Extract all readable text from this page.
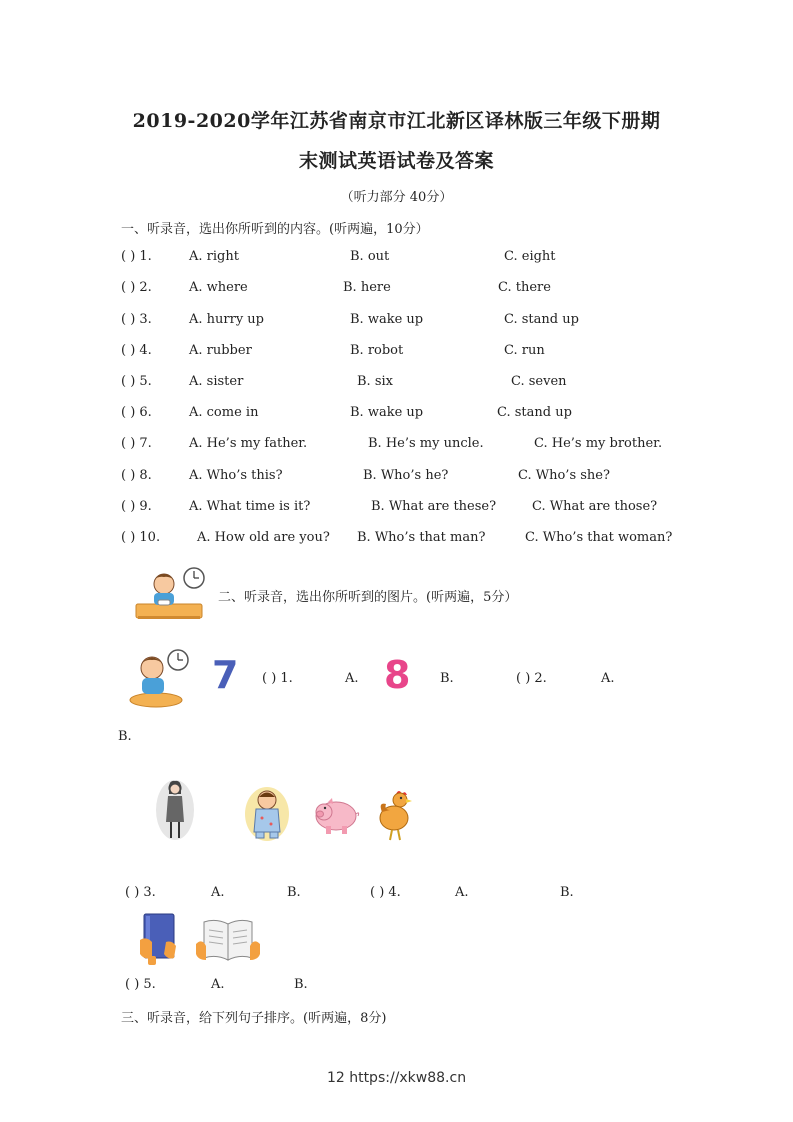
2019-2020学年江苏省南京市江北新区译林版三年级下册期
末测试英语试卷及答案
（听力部分 40分）
一、听录音，选出你所听到的内容。(听两遍，10分）
( ) 1.	A. right	B. out	C. eight
( ) 2.	A. where	B. here	C. there
( ) 3.	A. hurry up	B. wake up	C. stand up
( ) 4.	A. rubber	B. robot	C. run
( ) 5.	A. sister	B. six	C. seven
( ) 6.	A. come in	B. wake up	C. stand up
( ) 7.	A. He’s my father.	B. He’s my uncle.	C. He’s my brother.
( ) 8.	A. Who’s this?	B. Who’s he?	C. Who’s she?
( ) 9.	A. What time is it?	B. What are these?	C. What are those?
( ) 10.	A. How old are you? B. Who’s that man?	C. Who’s that woman?
二、听录音，选出你所听到的图片。(听两遍，5分）
7 ( ) 1.	A. 8 B.	( ) 2.	A.
B.
( ) 3.	A.	B.	( ) 4.	A.	B.
( ) 5.	A.	B.
三、听录音，给下列句子排序。(听两遍，8分)
12 https://xkw88.cn
